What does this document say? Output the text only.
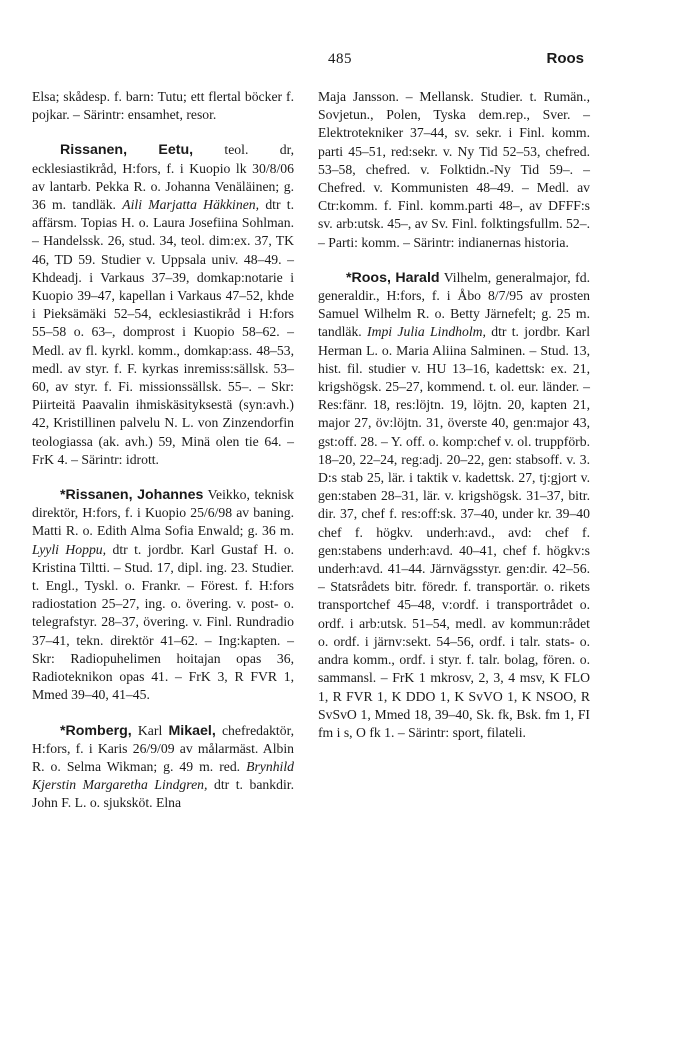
485	Roos

Elsa; skådesp. f. barn: Tutu; ett flertal böcker f. pojkar. – Särintr: ensamhet, resor.

Rissanen, Eetu, teol. dr, ecklesiastikråd, H:fors, f. i Kuopio lk 30/8/06 av lantarb. Pekka R. o. Johanna Venäläinen; g. 36 m. tandläk. Aili Marjatta Häkkinen, dtr t. affärsm. Topias H. o. Laura Josefiina Sohlman. – Handelssk. 26, stud. 34, teol. dim:ex. 37, TK 46, TD 59. Studier v. Uppsala univ. 48–49. – Khdeadj. i Varkaus 37–39, domkap:notarie i Kuopio 39–47, kapellan i Varkaus 47–52, khde i Pieksämäki 52–54, ecklesiastikråd i H:fors 55–58 o. 63–, domprost i Kuopio 58–62. – Medl. av fl. kyrkl. komm., domkap:ass. 48–53, medl. av styr. f. F. kyrkas inremiss:sällsk. 53–60, av styr. f. Fi. missionssällsk. 55–. – Skr: Piirteitä Paavalin ihmiskäsityksestä (syn:avh.) 42, Kristillinen palvelu N. L. von Zinzendorfin teologiassa (ak. avh.) 59, Minä olen tie 64. – FrK 4. – Särintr: idrott.

*Rissanen, Johannes Veikko, teknisk direktör, H:fors, f. i Kuopio 25/6/98 av baning. Matti R. o. Edith Alma Sofia Enwald; g. 36 m. Lyyli Hoppu, dtr t. jordbr. Karl Gustaf H. o. Kristina Tiltti. – Stud. 17, dipl. ing. 23. Studier. t. Engl., Tyskl. o. Frankr. – Förest. f. H:fors radiostation 25–27, ing. o. övering. v. post- o. telegrafstyr. 28–37, övering. v. Finl. Rundradio 37–41, tekn. direktör 41–62. – Ing:kapten. – Skr: Radiopuhelimen hoitajan opas 36, Radioteknikon opas 41. – FrK 3, R FVR 1, Mmed 39–40, 41–45.

*Romberg, Karl Mikael, chefredaktör, H:fors, f. i Karis 26/9/09 av målarmäst. Albin R. o. Selma Wikman; g. 49 m. red. Brynhild Kjerstin Margaretha Lindgren, dtr t. bankdir. John F. L. o. sjuksköt. Elna

Maja Jansson. – Mellansk. Studier. t. Rumän., Sovjetun., Polen, Tyska dem.rep., Sver. – Elektrotekniker 37–44, sv. sekr. i Finl. komm. parti 45–51, red:sekr. v. Ny Tid 52–53, chefred. 53–58, chefred. v. Folktidn.-Ny Tid 59–. – Chefred. v. Kommunisten 48–49. – Medl. av Ctr:komm. f. Finl. komm.parti 48–, av DFFF:s sv. arb:utsk. 45–, av Sv. Finl. folktingsfullm. 52–. – Parti: komm. – Särintr: indianernas historia.

*Roos, Harald Vilhelm, generalmajor, fd. generaldir., H:fors, f. i Åbo 8/7/95 av prosten Samuel Wilhelm R. o. Betty Järnefelt; g. 25 m. tandläk. Impi Julia Lindholm, dtr t. jordbr. Karl Herman L. o. Maria Aliina Salminen. – Stud. 13, hist. fil. studier v. HU 13–16, kadettsk: ex. 21, krigshögsk. 25–27, kommend. t. ol. eur. länder. – Res:fänr. 18, res:löjtn. 19, löjtn. 20, kapten 21, major 27, öv:löjtn. 31, överste 40, gen:major 43, gst:off. 28. – Y. off. o. komp:chef v. ol. truppförb. 18–20, 22–24, reg:adj. 20–22, gen: stabsoff. v. 3. D:s stab 25, lär. i taktik v. kadettsk. 27, tj:gjort v. gen:staben 28–31, lär. v. krigshögsk. 31–37, bitr. dir. 37, chef f. res:off:sk. 37–40, under kr. 39–40 chef f. högkv. underh:avd., avd: chef f. gen:stabens underh:avd. 40–41, chef f. högkv:s underh:avd. 41–44. Järnvägsstyr. gen:dir. 42–56. – Statsrådets bitr. föredr. f. transportär. o. rikets transportchef 45–48, v:ordf. i transportrådet o. ordf. i arb:utsk. 51–54, medl. av kommun:rådet o. ordf. i järnv:sekt. 54–56, ordf. i talr. stats- o. andra komm., ordf. i styr. f. talr. bolag, fören. o. sammansl. – FrK 1 mkrosv, 2, 3, 4 msv, K FLO 1, R FVR 1, K DDO 1, K SvVO 1, K NSOO, R SvSvO 1, Mmed 18, 39–40, Sk. fk, Bsk. fm 1, FI fm i s, O fk 1. – Särintr: sport, filateli.
